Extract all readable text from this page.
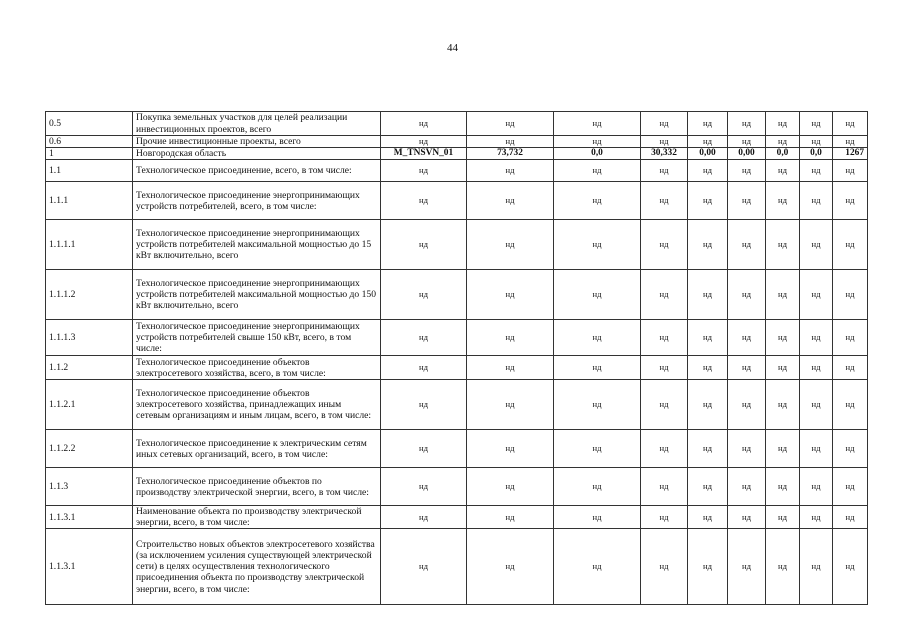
44
0.5	Покупка земельных участков для целей реализации инвестиционных проектов, всего	нд	нд	нд	нд	нд	нд	нд	нд	нд
0.6	Прочие инвестиционные проекты, всего	нд	нд	нд	нд	нд	нд	нд	нд	нд
1	Новгородская область	M_TNSVN_01	73,732	0,0	30,332	0,00	0,00	0,0	0,0	1267
1.1	Технологическое присоединение, всего, в том числе:	нд	нд	нд	нд	нд	нд	нд	нд	нд
1.1.1	Технологическое присоединение энергопринимающих устройств потребителей, всего, в том числе:	нд	нд	нд	нд	нд	нд	нд	нд	нд
1.1.1.1	Технологическое присоединение энергопринимающих устройств потребителей максимальной мощностью до 15 кВт включительно, всего	нд	нд	нд	нд	нд	нд	нд	нд	нд
1.1.1.2	Технологическое присоединение энергопринимающих устройств потребителей максимальной мощностью до 150 кВт включительно, всего	нд	нд	нд	нд	нд	нд	нд	нд	нд
1.1.1.3	Технологическое присоединение энергопринимающих устройств потребителей свыше 150 кВт, всего, в том числе:	нд	нд	нд	нд	нд	нд	нд	нд	нд
1.1.2	Технологическое присоединение объектов электросетевого хозяйства, всего, в том числе:	нд	нд	нд	нд	нд	нд	нд	нд	нд
1.1.2.1	Технологическое присоединение объектов электросетевого хозяйства, принадлежащих иным сетевым организациям и иным лицам, всего, в том числе:	нд	нд	нд	нд	нд	нд	нд	нд	нд
1.1.2.2	Технологическое присоединение к электрическим сетям иных сетевых организаций, всего, в том числе:	нд	нд	нд	нд	нд	нд	нд	нд	нд
1.1.3	Технологическое присоединение объектов по производству электрической энергии, всего, в том числе:	нд	нд	нд	нд	нд	нд	нд	нд	нд
1.1.3.1	Наименование объекта по производству электрической энергии, всего, в том числе:	нд	нд	нд	нд	нд	нд	нд	нд	нд
1.1.3.1	Строительство новых объектов электросетевого хозяйства (за исключением усиления существующей электрической сети) в целях осуществления технологического присоединения объекта по производству электрической энергии, всего, в том числе:	нд	нд	нд	нд	нд	нд	нд	нд	нд
